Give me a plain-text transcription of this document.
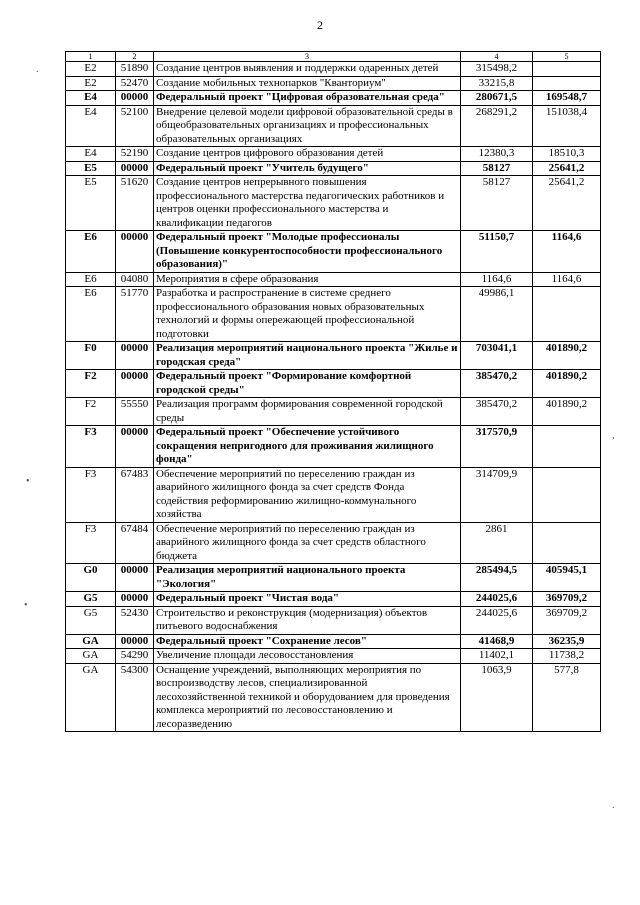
2
.
,
•
•
.
1	2	3	4	5
E2	51890	Создание центров выявления и поддержки одаренных детей	315498,2	
E2	52470	Создание мобильных технопарков "Кванториум"	33215,8	
E4	00000	Федеральный проект "Цифровая образовательная среда"	280671,5	169548,7
E4	52100	Внедрение целевой модели цифровой образовательной среды в общеобразовательных организациях и профессиональных образовательных организациях	268291,2	151038,4
E4	52190	Создание центров цифрового образования детей	12380,3	18510,3
E5	00000	Федеральный проект "Учитель будущего"	58127	25641,2
E5	51620	Создание центров непрерывного повышения профессионального мастерства педагогических работников и центров оценки профессионального мастерства и квалификации педагогов	58127	25641,2
E6	00000	Федеральный проект "Молодые профессионалы (Повышение конкурентоспособности профессионального образования)"	51150,7	1164,6
E6	04080	Мероприятия в сфере образования	1164,6	1164,6
E6	51770	Разработка и распространение в системе среднего профессионального образования новых образовательных технологий и формы опережающей профессиональной подготовки	49986,1	
F0	00000	Реализация мероприятий национального проекта "Жилье и городская среда"	703041,1	401890,2
F2	00000	Федеральный проект "Формирование комфортной городской среды"	385470,2	401890,2
F2	55550	Реализация программ формирования современной городской среды	385470,2	401890,2
F3	00000	Федеральный проект "Обеспечение устойчивого сокращения непригодного для проживания жилищного фонда"	317570,9	
F3	67483	Обеспечение мероприятий по переселению граждан из аварийного жилищного фонда за счет средств Фонда содействия реформированию жилищно-коммунального хозяйства	314709,9	
F3	67484	Обеспечение мероприятий по переселению граждан из аварийного жилищного фонда за счет средств областного бюджета	2861	
G0	00000	Реализация мероприятий национального проекта "Экология"	285494,5	405945,1
G5	00000	Федеральный проект "Чистая вода"	244025,6	369709,2
G5	52430	Строительство и реконструкция (модернизация) объектов питьевого водоснабжения	244025,6	369709,2
GA	00000	Федеральный проект "Сохранение лесов"	41468,9	36235,9
GA	54290	Увеличение площади лесовосстановления	11402,1	11738,2
GA	54300	Оснащение учреждений, выполняющих мероприятия по воспроизводству лесов, специализированной лесохозяйственной техникой и оборудованием для проведения комплекса мероприятий по лесовосстановлению и лесоразведению	1063,9	577,8
